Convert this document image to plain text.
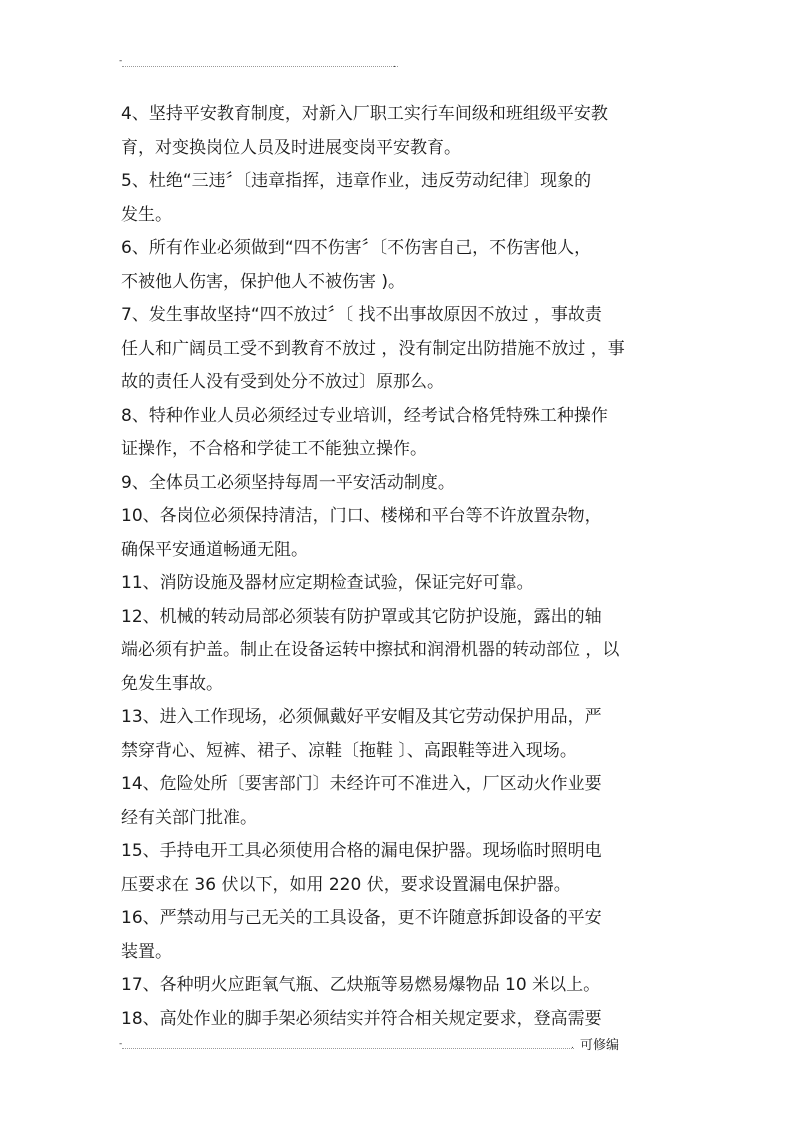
-	.

4、坚持平安教育制度，对新入厂职工实行车间级和班组级平安教
育，对变换岗位人员及时进展变岗平安教育。

5、杜绝“三违〞〔违章指挥，违章作业，违反劳动纪律〕现象的
发生。

6、所有作业必须做到“四不伤害〞〔不伤害自己，不伤害他人，
不被他人伤害，保护他人不被伤害 )。

7、发生事故坚持“四不放过〞〔 找不出事故原因不放过 ，事故责
任人和广阔员工受不到教育不放过 ，没有制定出防措施不放过 ，事
故的责任人没有受到处分不放过〕原那么。

8、特种作业人员必须经过专业培训，经考试合格凭特殊工种操作
证操作，不合格和学徒工不能独立操作。

9、全体员工必须坚持每周一平安活动制度。

10、各岗位必须保持清洁，门口、楼梯和平台等不许放置杂物，
确保平安通道畅通无阻。

11、消防设施及器材应定期检查试验，保证完好可靠。

12、机械的转动局部必须装有防护罩或其它防护设施，露出的轴
端必须有护盖。制止在设备运转中擦拭和润滑机器的转动部位 ，以
免发生事故。

13、进入工作现场，必须佩戴好平安帽及其它劳动保护用品，严
禁穿背心、短裤、裙子、凉鞋〔拖鞋 〕、高跟鞋等进入现场。

14、危险处所〔要害部门〕未经许可不准进入，厂区动火作业要
经有关部门批准。

15、手持电开工具必须使用合格的漏电保护器。现场临时照明电
压要求在 36 伏以下，如用 220 伏，要求设置漏电保护器。

16、严禁动用与己无关的工具设备，更不许随意拆卸设备的平安
装置。

17、各种明火应距氧气瓶、乙炔瓶等易燃易爆物品 10 米以上。

18、高处作业的脚手架必须结实并符合相关规定要求，登高需要

-	. 可修编
